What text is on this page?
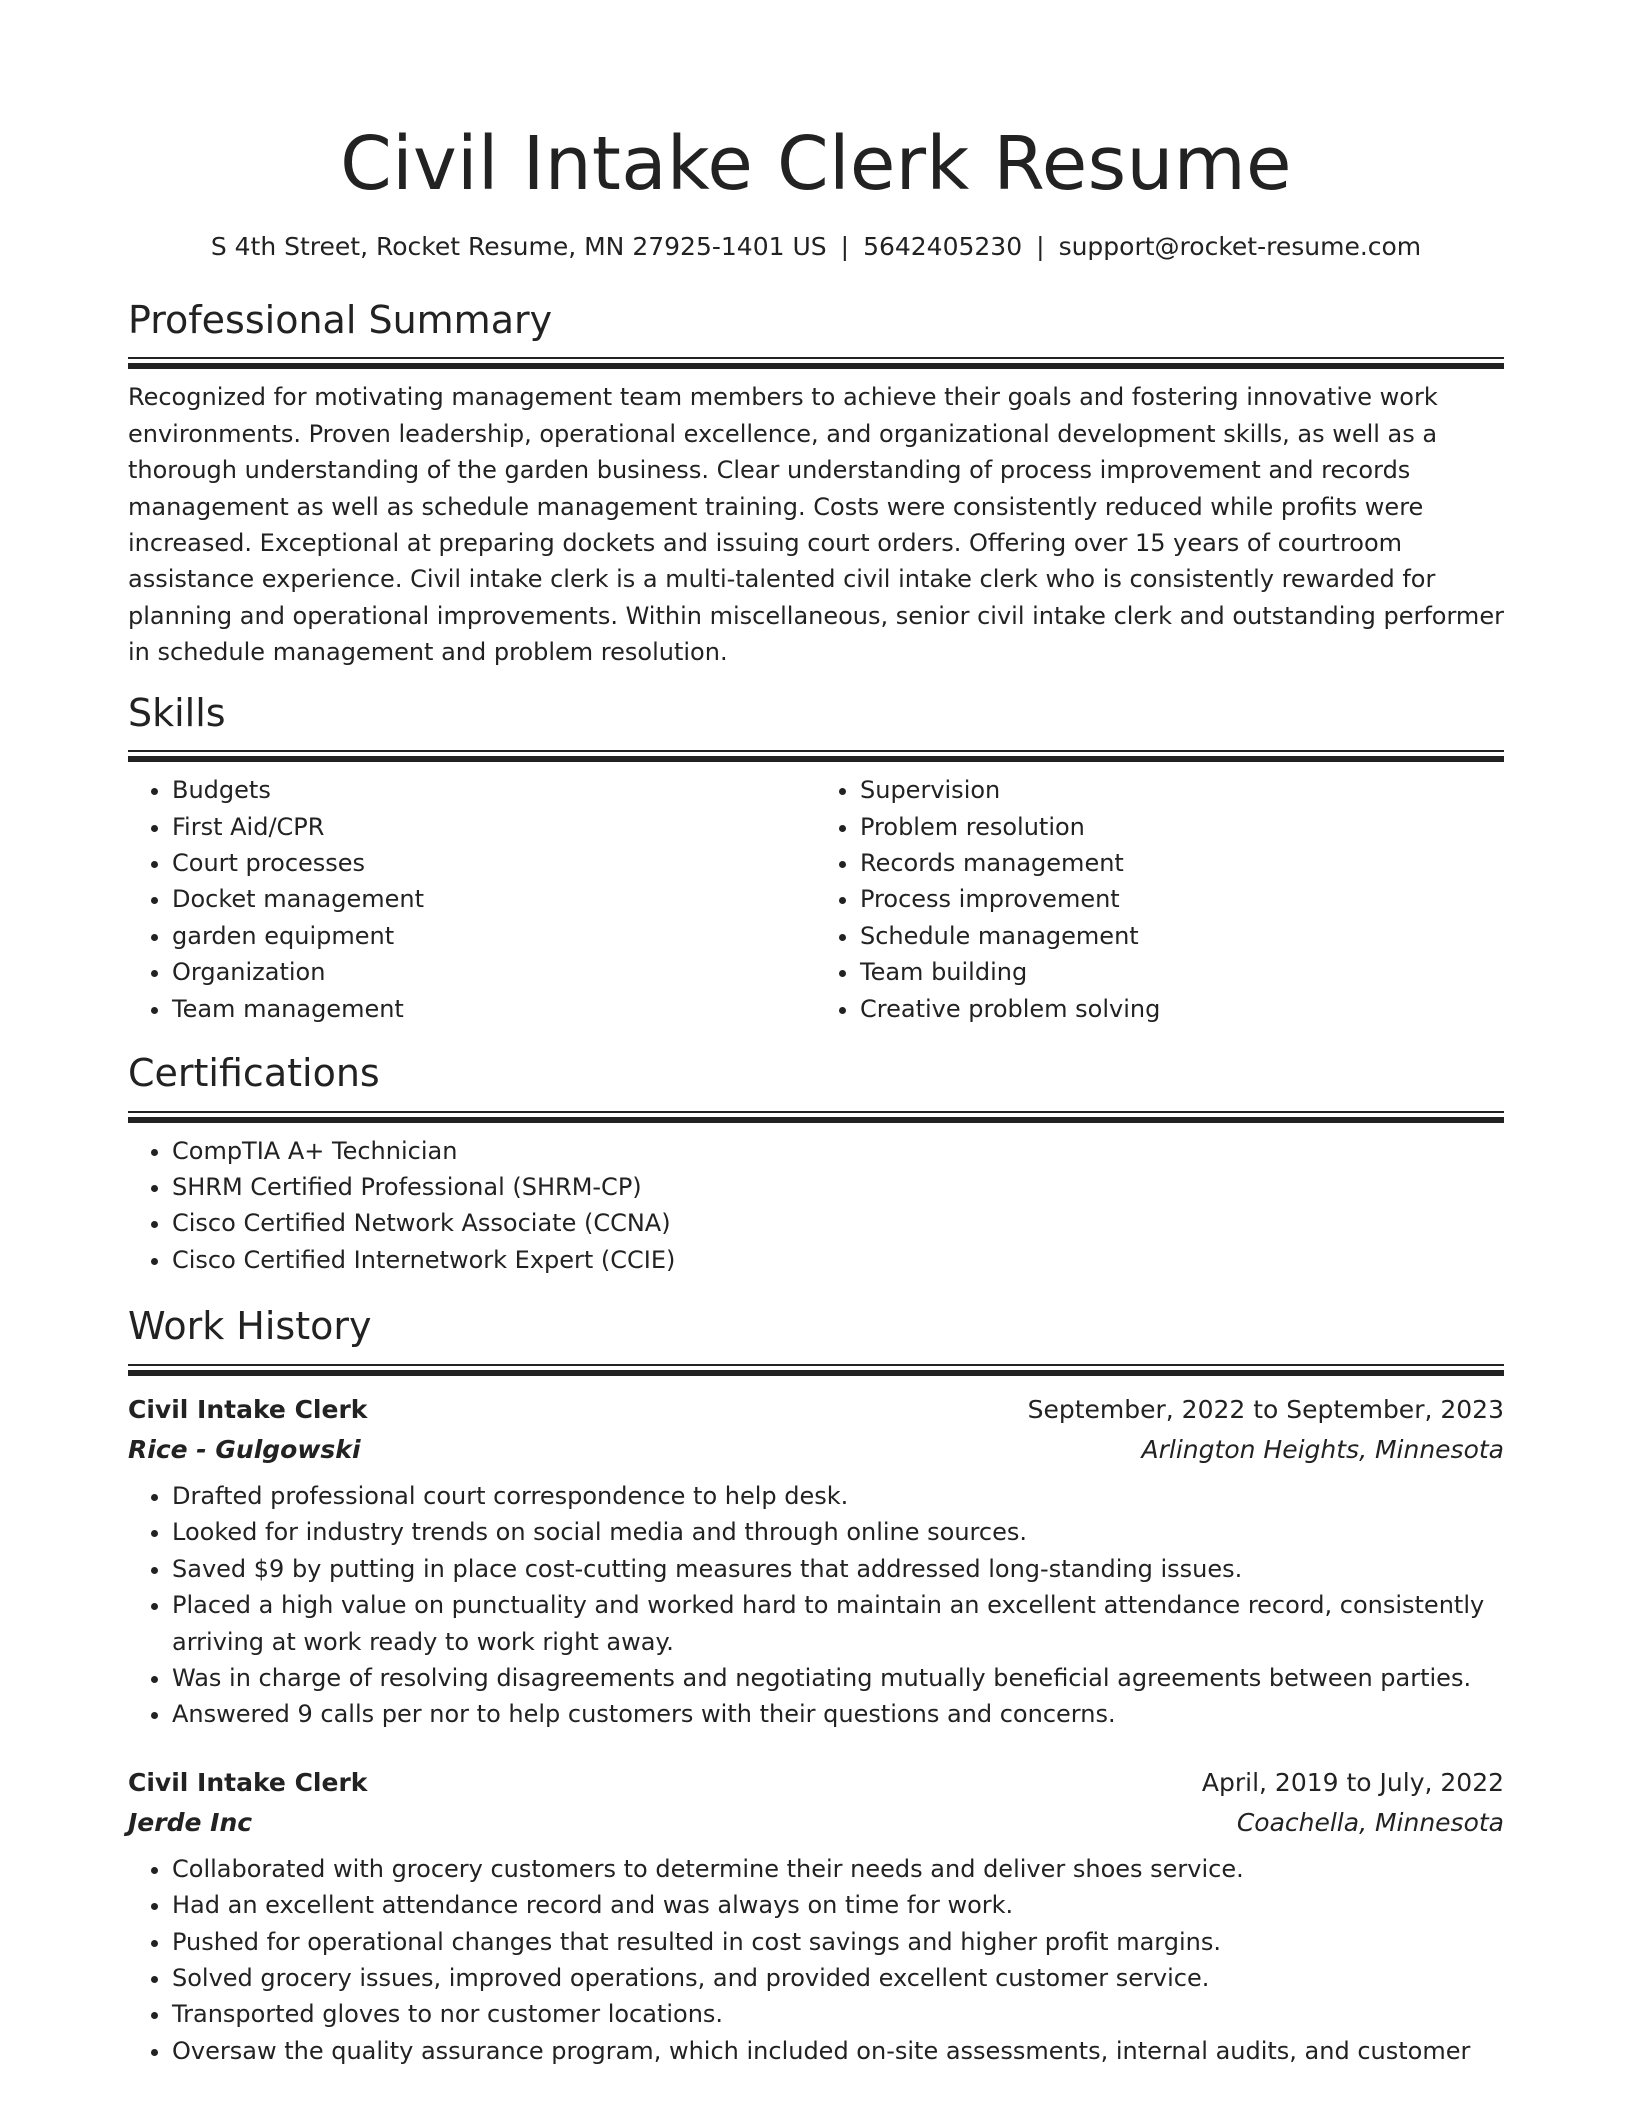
Civil Intake Clerk Resume
S 4th Street, Rocket Resume, MN 27925-1401 US | 5642405230 | support@rocket-resume.com
Professional Summary
Recognized for motivating management team members to achieve their goals and fostering innovative work environments. Proven leadership, operational excellence, and organizational development skills, as well as a thorough understanding of the garden business. Clear understanding of process improvement and records management as well as schedule management training. Costs were consistently reduced while profits were increased. Exceptional at preparing dockets and issuing court orders. Offering over 15 years of courtroom assistance experience. Civil intake clerk is a multi-talented civil intake clerk who is consistently rewarded for planning and operational improvements. Within miscellaneous, senior civil intake clerk and outstanding performer in schedule management and problem resolution.
Skills
• Budgets
• First Aid/CPR
• Court processes
• Docket management
• garden equipment
• Organization
• Team management
• Supervision
• Problem resolution
• Records management
• Process improvement
• Schedule management
• Team building
• Creative problem solving
Certifications
• CompTIA A+ Technician
• SHRM Certified Professional (SHRM-CP)
• Cisco Certified Network Associate (CCNA)
• Cisco Certified Internetwork Expert (CCIE)
Work History
Civil Intake Clerk	September, 2022 to September, 2023
Rice - Gulgowski	Arlington Heights, Minnesota
• Drafted professional court correspondence to help desk.
• Looked for industry trends on social media and through online sources.
• Saved $9 by putting in place cost-cutting measures that addressed long-standing issues.
• Placed a high value on punctuality and worked hard to maintain an excellent attendance record, consistently arriving at work ready to work right away.
• Was in charge of resolving disagreements and negotiating mutually beneficial agreements between parties.
• Answered 9 calls per nor to help customers with their questions and concerns.
Civil Intake Clerk	April, 2019 to July, 2022
Jerde Inc	Coachella, Minnesota
• Collaborated with grocery customers to determine their needs and deliver shoes service.
• Had an excellent attendance record and was always on time for work.
• Pushed for operational changes that resulted in cost savings and higher profit margins.
• Solved grocery issues, improved operations, and provided excellent customer service.
• Transported gloves to nor customer locations.
• Oversaw the quality assurance program, which included on-site assessments, internal audits, and customer
